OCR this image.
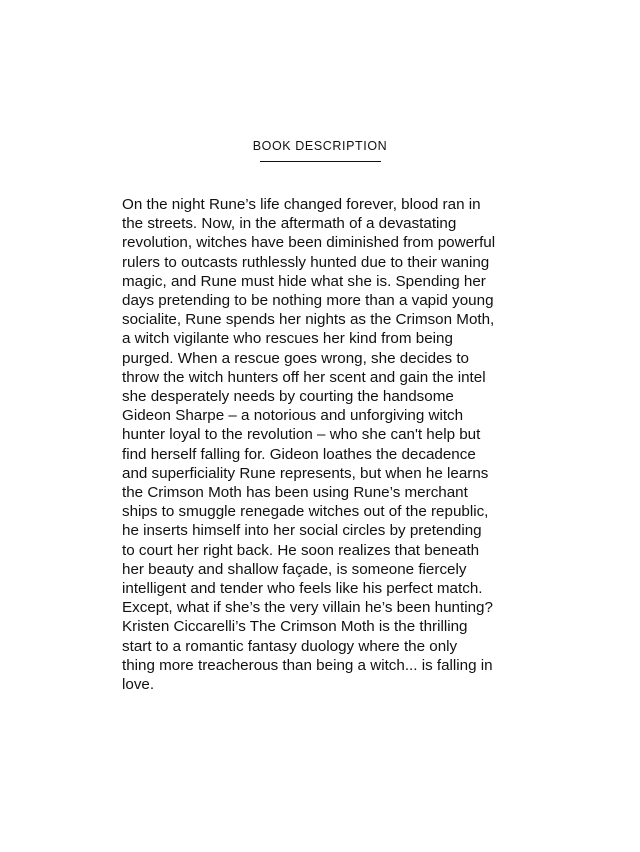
BOOK DESCRIPTION

On the night Rune’s life changed forever, blood ran in
the streets. Now, in the aftermath of a devastating
revolution, witches have been diminished from powerful
rulers to outcasts ruthlessly hunted due to their waning
magic, and Rune must hide what she is. Spending her
days pretending to be nothing more than a vapid young
socialite, Rune spends her nights as the Crimson Moth,
a witch vigilante who rescues her kind from being
purged. When a rescue goes wrong, she decides to
throw the witch hunters off her scent and gain the intel
she desperately needs by courting the handsome
Gideon Sharpe – a notorious and unforgiving witch
hunter loyal to the revolution – who she can't help but
find herself falling for. Gideon loathes the decadence
and superficiality Rune represents, but when he learns
the Crimson Moth has been using Rune’s merchant
ships to smuggle renegade witches out of the republic,
he inserts himself into her social circles by pretending
to court her right back. He soon realizes that beneath
her beauty and shallow façade, is someone fiercely
intelligent and tender who feels like his perfect match.
Except, what if she’s the very villain he’s been hunting?
Kristen Ciccarelli’s The Crimson Moth is the thrilling
start to a romantic fantasy duology where the only
thing more treacherous than being a witch... is falling in
love.
